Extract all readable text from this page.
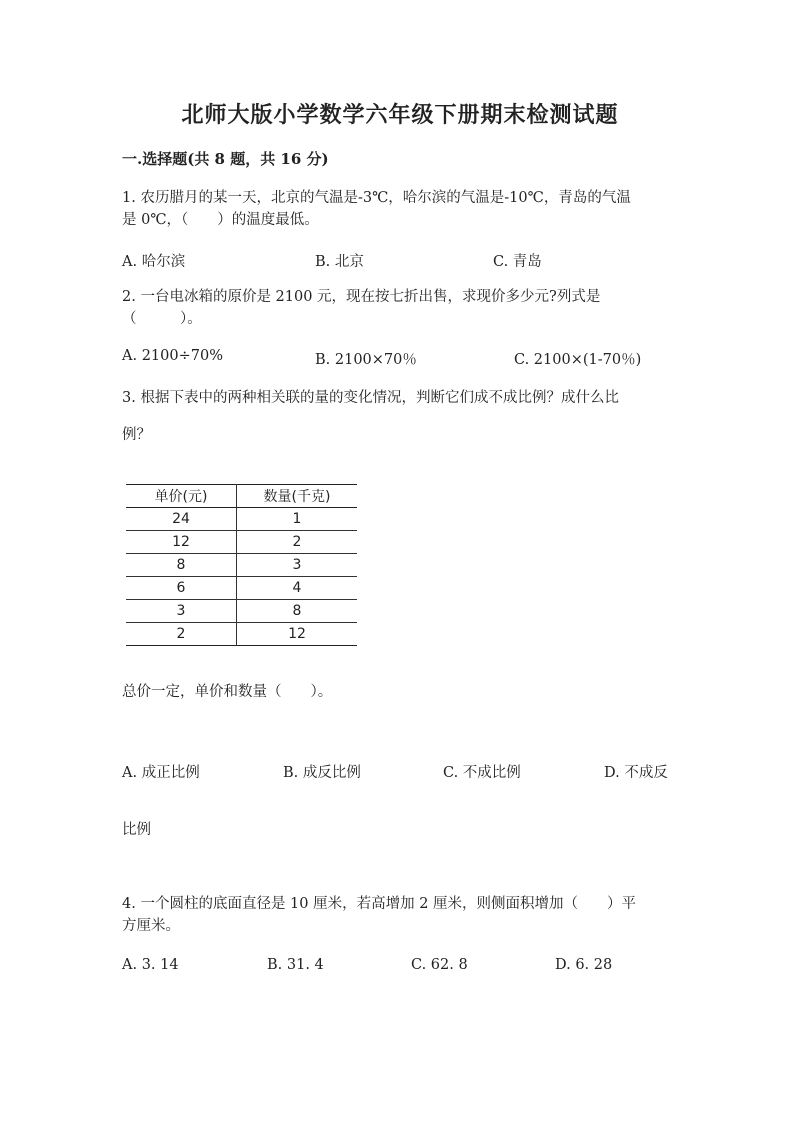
北师大版小学数学六年级下册期末检测试题
一.选择题(共 8 题，共 16 分)
1. 农历腊月的某一天，北京的气温是-3℃，哈尔滨的气温是-10℃，青岛的气温
是 0℃，（　　）的温度最低。
A. 哈尔滨	B. 北京	C. 青岛
2. 一台电冰箱的原价是 2100 元，现在按七折出售，求现价多少元?列式是
（　　　）。
A. 2100÷70%	B. 2100×70％	C. 2100×(1-70％)
3. 根据下表中的两种相关联的量的变化情况，判断它们成不成比例？成什么比
例？
单价(元)	数量(千克)
24	1
12	2
8	3
6	4
3	8
2	12
总价一定，单价和数量（　　）。
A. 成正比例	B. 成反比例	C. 不成比例	D. 不成反
比例
4. 一个圆柱的底面直径是 10 厘米，若高增加 2 厘米，则侧面积增加（　　）平
方厘米。
A. 3. 14	B. 31. 4	C. 62. 8	D. 6. 28
